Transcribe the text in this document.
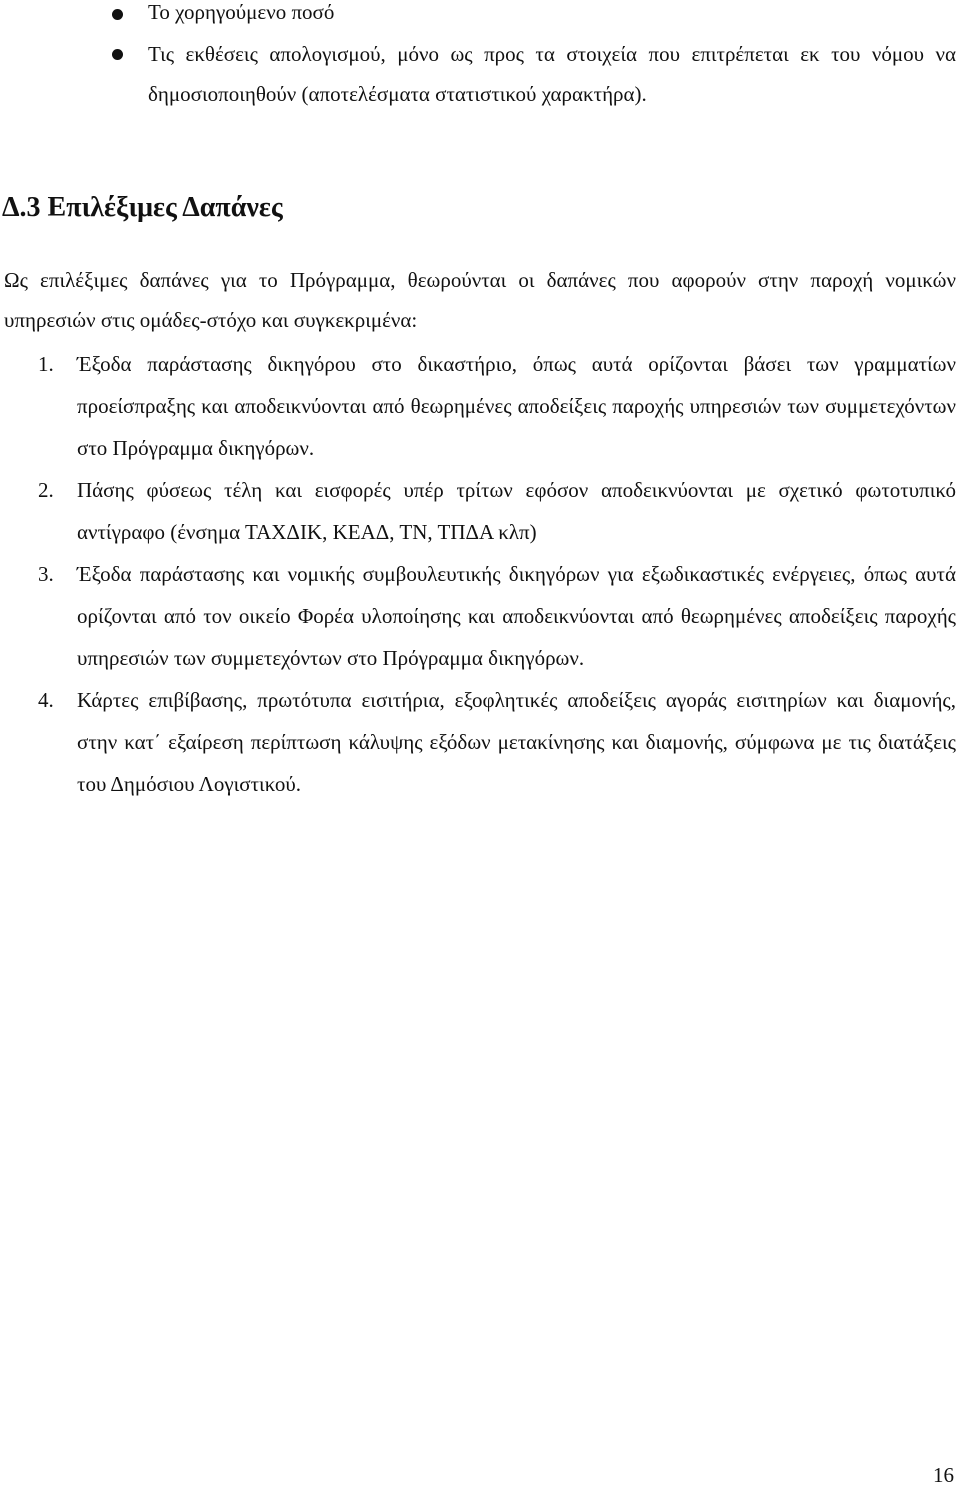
Το χορηγούμενο ποσό
Τις εκθέσεις απολογισμού, μόνο ως προς τα στοιχεία που επιτρέπεται εκ του νόμου να δημοσιοποιηθούν (αποτελέσματα στατιστικού χαρακτήρα).
Δ.3 Επιλέξιμες Δαπάνες
Ως επιλέξιμες δαπάνες για το Πρόγραμμα, θεωρούνται οι δαπάνες που αφορούν στην παροχή νομικών υπηρεσιών στις ομάδες-στόχο και συγκεκριμένα:
1. Έξοδα παράστασης δικηγόρου στο δικαστήριο, όπως αυτά ορίζονται βάσει των γραμματίων προείσπραξης και αποδεικνύονται από θεωρημένες αποδείξεις παροχής υπηρεσιών των συμμετεχόντων στο Πρόγραμμα δικηγόρων.
2. Πάσης φύσεως τέλη και εισφορές υπέρ τρίτων εφόσον αποδεικνύονται με σχετικό φωτοτυπικό αντίγραφο (ένσημα ΤΑΧΔΙΚ, ΚΕΑΔ, ΤΝ, ΤΠΔΑ κλπ)
3. Έξοδα παράστασης και νομικής συμβουλευτικής δικηγόρων για εξωδικαστικές ενέργειες, όπως αυτά ορίζονται από τον οικείο Φορέα υλοποίησης και αποδεικνύονται από θεωρημένες αποδείξεις παροχής υπηρεσιών των συμμετεχόντων στο Πρόγραμμα δικηγόρων.
4. Κάρτες επιβίβασης, πρωτότυπα εισιτήρια, εξοφλητικές αποδείξεις αγοράς εισιτηρίων και διαμονής, στην κατ΄ εξαίρεση περίπτωση κάλυψης εξόδων μετακίνησης και διαμονής, σύμφωνα με τις διατάξεις του Δημόσιου Λογιστικού.
16
